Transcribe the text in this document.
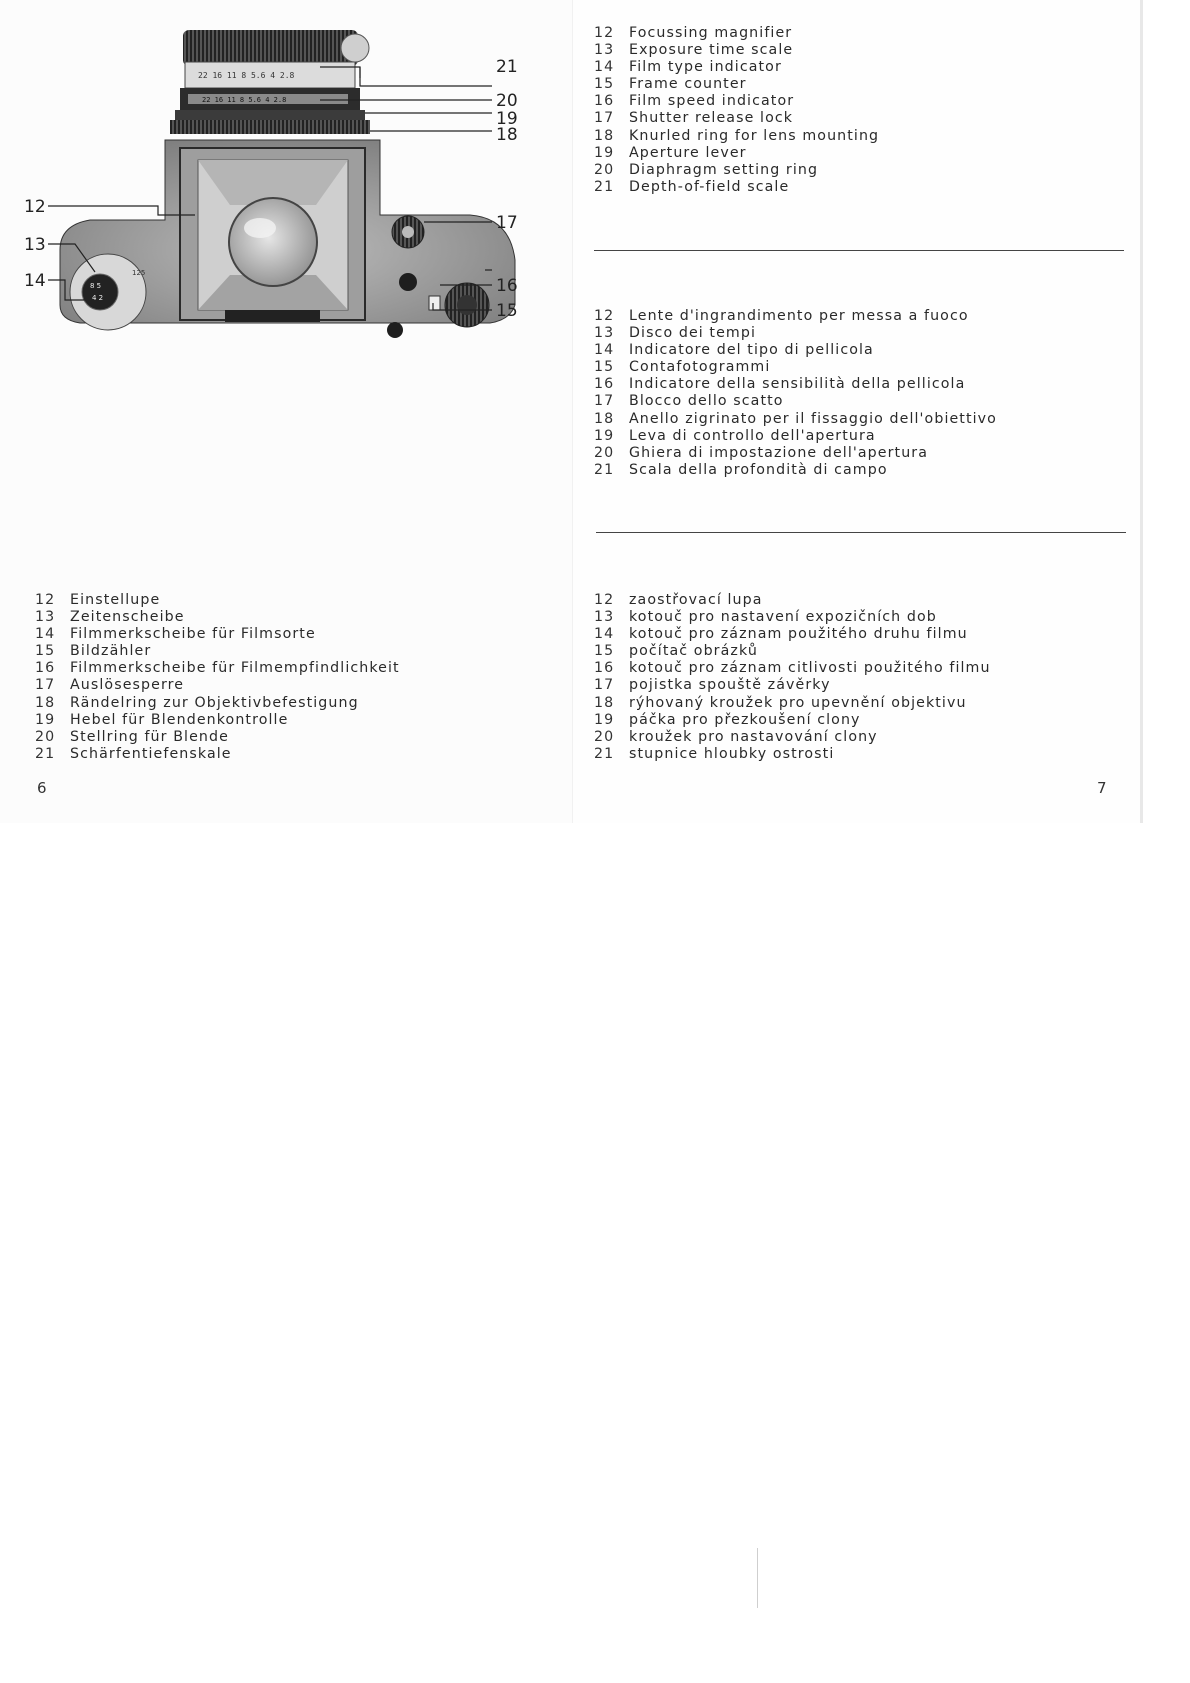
22 16 11 8 5.6 4 2.8
22 16 11 8 5.6 4 2.8
8 5
4 2
125
12
13
14
21
20
19
18
17
16
15
12	Einstellupe
13	Zeitenscheibe
14	Filmmerkscheibe für Filmsorte
15	Bildzähler
16	Filmmerkscheibe für Filmempfindlichkeit
17	Auslösesperre
18	Rändelring zur Objektivbefestigung
19	Hebel für Blendenkontrolle
20	Stellring für Blende
21	Schärfentiefenskale
6
12	Focussing magnifier
13	Exposure time scale
14	Film type indicator
15	Frame counter
16	Film speed indicator
17	Shutter release lock
18	Knurled ring for lens mounting
19	Aperture lever
20	Diaphragm setting ring
21	Depth-of-field scale
12	Lente d'ingrandimento per messa a fuoco
13	Disco dei tempi
14	Indicatore del tipo di pellicola
15	Contafotogrammi
16	Indicatore della sensibilità della pellicola
17	Blocco dello scatto
18	Anello zigrinato per il fissaggio dell'obiettivo
19	Leva di controllo dell'apertura
20	Ghiera di impostazione dell'apertura
21	Scala della profondità di campo
12	zaostřovací lupa
13	kotouč pro nastavení expozičních dob
14	kotouč pro záznam použitého druhu filmu
15	počítač obrázků
16	kotouč pro záznam citlivosti použitého filmu
17	pojistka spouště závěrky
18	rýhovaný kroužek pro upevnění objektivu
19	páčka pro přezkoušení clony
20	kroužek pro nastavování clony
21	stupnice hloubky ostrosti
7
